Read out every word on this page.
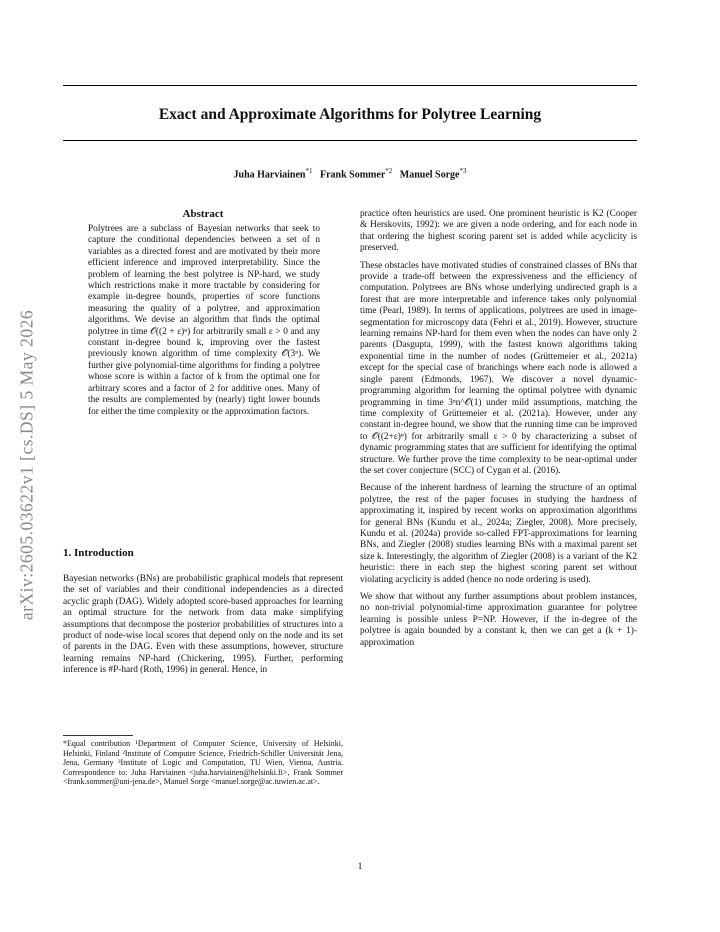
Exact and Approximate Algorithms for Polytree Learning
Juha Harviainen$^{*1}$ Frank Sommer$^{*2}$ Manuel Sorge$^{*3}$
arXiv:2605.03622v1 [cs.DS] 5 May 2026
Abstract

Polytrees are a subclass of Bayesian networks that seek to capture the conditional dependencies between a set of n variables as a directed forest and are motivated by their more efficient inference and improved interpretability. Since the problem of learning the best polytree is NP-hard, we study which restrictions make it more tractable by considering for example in-degree bounds, properties of score functions measuring the quality of a polytree, and approximation algorithms. We devise an algorithm that finds the optimal polytree in time 𝒪((2 + ε)ⁿ) for arbitrarily small ε > 0 and any constant in-degree bound k, improving over the fastest previously known algorithm of time complexity 𝒪(3ⁿ). We further give polynomial-time algorithms for finding a polytree whose score is within a factor of k from the optimal one for arbitrary scores and a factor of 2 for additive ones. Many of the results are complemented by (nearly) tight lower bounds for either the time complexity or the approximation factors.

1. Introduction

Bayesian networks (BNs) are probabilistic graphical models that represent the set of variables and their conditional independencies as a directed acyclic graph (DAG). Widely adopted score-based approaches for learning an optimal structure for the network from data make simplifying assumptions that decompose the posterior probabilities of structures into a product of node-wise local scores that depend only on the node and its set of parents in the DAG. Even with these assumptions, however, structure learning remains NP-hard (Chickering, 1995). Further, performing inference is #P-hard (Roth, 1996) in general. Hence, in

*Equal contribution ¹Department of Computer Science, University of Helsinki, Helsinki, Finland ²Institute of Computer Science, Friedrich-Schiller Universität Jena, Jena, Germany ³Institute of Logic and Computation, TU Wien, Vienna, Austria. Correspondence to: Juha Harviainen <juha.harviainen@helsinki.fi>, Frank Sommer <frank.sommer@uni-jena.de>, Manuel Sorge <manuel.sorge@ac.tuwien.ac.at>.

practice often heuristics are used. One prominent heuristic is K2 (Cooper & Herskovits, 1992): we are given a node ordering, and for each node in that ordering the highest scoring parent set is added while acyclicity is preserved.

These obstacles have motivated studies of constrained classes of BNs that provide a trade-off between the expressiveness and the efficiency of computation. Polytrees are BNs whose underlying undirected graph is a forest that are more interpretable and inference takes only polynomial time (Pearl, 1989). In terms of applications, polytrees are used in image-segmentation for microscopy data (Fehri et al., 2019). However, structure learning remains NP-hard for them even when the nodes can have only 2 parents (Dasgupta, 1999), with the fastest known algorithms taking exponential time in the number of nodes (Grüttemeier et al., 2021a) except for the special case of branchings where each node is allowed a single parent (Edmonds, 1967). We discover a novel dynamic-programming algorithm for learning the optimal polytree with dynamic programming in time 3ⁿn^𝒪(1) under mild assumptions, matching the time complexity of Grüttemeier et al. (2021a). However, under any constant in-degree bound, we show that the running time can be improved to 𝒪((2+ε)ⁿ) for arbitrarily small ε > 0 by characterizing a subset of dynamic programming states that are sufficient for identifying the optimal structure. We further prove the time complexity to be near-optimal under the set cover conjecture (SCC) of Cygan et al. (2016).

Because of the inherent hardness of learning the structure of an optimal polytree, the rest of the paper focuses in studying the hardness of approximating it, inspired by recent works on approximation algorithms for general BNs (Kundu et al., 2024a; Ziegler, 2008). More precisely, Kundu et al. (2024a) provide so-called FPT-approximations for learning BNs, and Ziegler (2008) studies learning BNs with a maximal parent set size k. Interestingly, the algorithm of Ziegler (2008) is a variant of the K2 heuristic: there in each step the highest scoring parent set without violating acyclicity is added (hence no node ordering is used).

We show that without any further assumptions about problem instances, no non-trivial polynomial-time approximation guarantee for polytree learning is possible unless P=NP. However, if the in-degree of the polytree is again bounded by a constant k, then we can get a (k + 1)-approximation

1
